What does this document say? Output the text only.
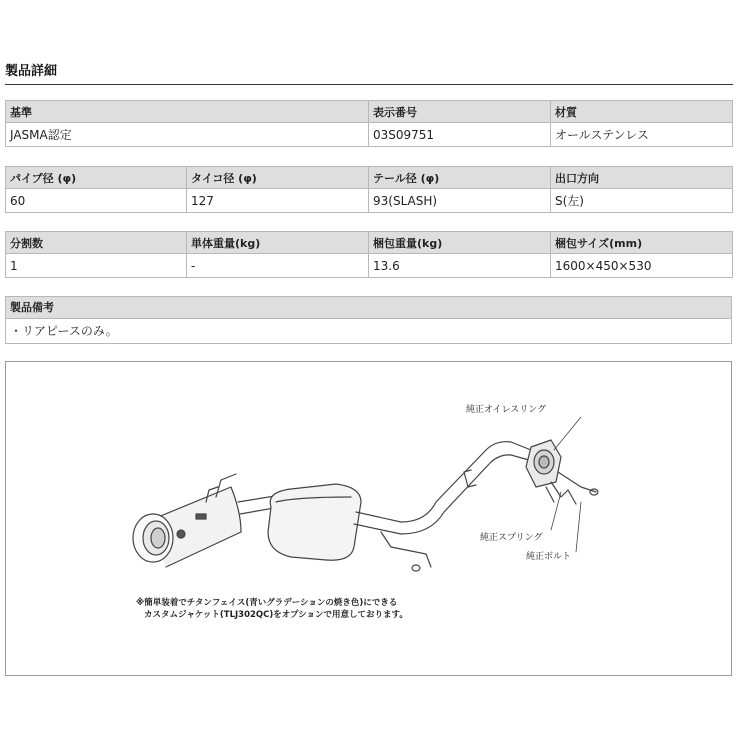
製品詳細
基準	表示番号	材質
JASMA認定	03S09751	オールステンレス
パイプ径 (φ)	タイコ径 (φ)	テール径 (φ)	出口方向
60	127	93(SLASH)	S(左)
分割数	単体重量(kg)	梱包重量(kg)	梱包サイズ(mm)
1	-	13.6	1600×450×530
製品備考
・リアピースのみ。
純正オイレスリング
純正スプリング
純正ボルト
※簡単装着でチタンフェイス(青いグラデーションの焼き色)にできる
カスタムジャケット(TLJ302QC)をオプションで用意しております。
